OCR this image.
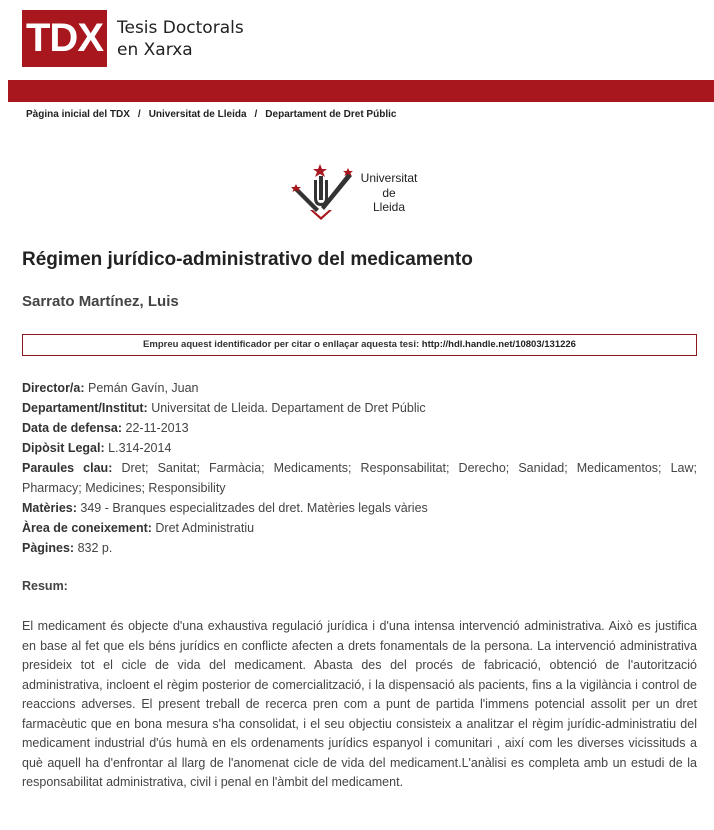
TDX Tesis Doctorals
en Xarxa
Pàgina inicial del TDX / Universitat de Lleida / Departament de Dret Públic
Universitat
de
Lleida
Régimen jurídico-administrativo del medicamento
Sarrato Martínez, Luis
Empreu aquest identificador per citar o enllaçar aquesta tesi: http://hdl.handle.net/10803/131226
Director/a: Pemán Gavín, Juan
Departament/Institut: Universitat de Lleida. Departament de Dret Públic
Data de defensa: 22-11-2013
Dipòsit Legal: L.314-2014
Paraules clau: Dret; Sanitat; Farmàcia; Medicaments; Responsabilitat; Derecho; Sanidad; Medicamentos; Law; Pharmacy; Medicines; Responsibility
Matèries: 349 - Branques especialitzades del dret. Matèries legals vàries
Àrea de coneixement: Dret Administratiu
Pàgines: 832 p.
Resum:

El medicament és objecte d'una exhaustiva regulació jurídica i d'una intensa intervenció administrativa. Això es justifica en base al fet que els béns jurídics en conflicte afecten a drets fonamentals de la persona. La intervenció administrativa presideix tot el cicle de vida del medicament. Abasta des del procés de fabricació, obtenció de l'autorització administrativa, incloent el règim posterior de comercialització, i la dispensació als pacients, fins a la vigilància i control de reaccions adverses. El present treball de recerca pren com a punt de partida l'immens potencial assolit per un dret farmacèutic que en bona mesura s'ha consolidat, i el seu objectiu consisteix a analitzar el règim jurídic-administratiu del medicament industrial d'ús humà en els ordenaments jurídics espanyol i comunitari , així com les diverses vicissituds a què aquell ha d'enfrontar al llarg de l'anomenat cicle de vida del medicament.L'anàlisi es completa amb un estudi de la responsabilitat administrativa, civil i penal en l'àmbit del medicament.
